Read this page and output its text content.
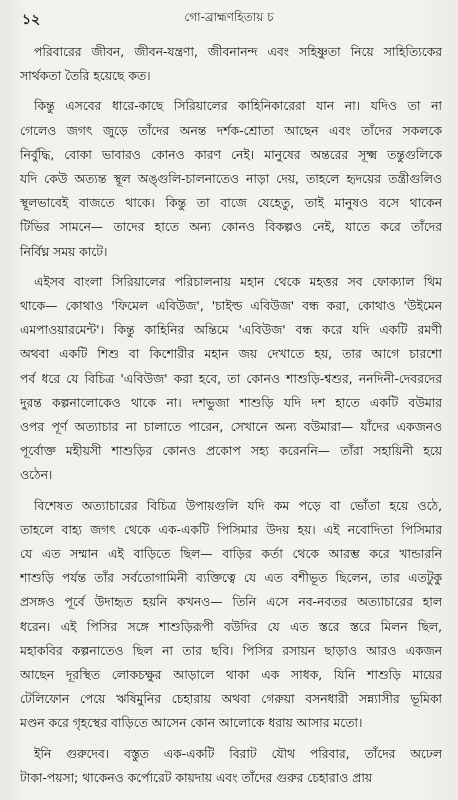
১২	গো-ব্রাহ্মণহিতায় চ
পরিবারের জীবন, জীবন-যন্ত্রণা, জীবনানন্দ এবং সহিষ্ণুতা নিয়ে সাহিত্যিকের
সার্থকতা তৈরি হয়েছে কত।
কিন্তু এসবের ধারে-কাছে সিরিয়ালের কাহিনিকারেরা যান না। যদিও তা না
গেলেও জগৎ জুড়ে তাঁদের অনন্ত দর্শক-শ্রোতা আছেন এবং তাঁদের সকলকে
নির্বুদ্ধি, বোকা ভাবারও কোনও কারণ নেই। মানুষের অন্তরের সূক্ষ্ম তন্তুগুলিকে
যদি কেউ অত্যন্ত স্থূল অঙ্গুলি-চালনাতেও নাড়া দেয়, তাহলে হৃদয়ের তন্ত্রীগুলিও
স্থূলভাবেই বাজতে থাকে। কিন্তু তা বাজে যেহেতু, তাই মানুষও বসে থাকেন
টিভির সামনে— তাদের হাতে অন্য কোনও বিকল্পও নেই, যাতে করে তাঁদের
নির্বিঘ্ন সময় কাটে।
এইসব বাংলা সিরিয়ালের পরিচালনায় মহান থেকে মহত্তর সব ফোক্যাল থিম
থাকে— কোথাও 'ফিমেল এবিউজ', 'চাইল্ড এবিউজ' বন্ধ করা, কোথাও 'উইমেন
এমপাওয়ারমেন্ট'। কিন্তু কাহিনির অন্তিমে 'এবিউজ' বন্ধ করে যদি একটি রমণী
অথবা একটি শিশু বা কিশোরীর মহান জয় দেখাতে হয়, তার আগে চারশো
পর্ব ধরে যে বিচিত্র 'এবিউজ' করা হবে, তা কোনও শাশুড়ি-শ্বশুর, ননদিনী-দেবরদের
দুরন্ত কল্পনালোকেও থাকে না। দশভুজা শাশুড়ি যদি দশ হাতে একটি বউমার
ওপর পূর্ণ অত্যাচার না চালাতে পারেন, সেখানে অন্য বউমারা— যাঁদের একজনও
পূর্বোক্ত মহীয়সী শাশুড়ির কোনও প্রকোপ সহ্য করেননি— তাঁরা সহায়িনী হয়ে
ওঠেন।
বিশেষত অত্যাচারের বিচিত্র উপায়গুলি যদি কম পড়ে বা ভোঁতা হয়ে ওঠে,
তাহলে বাহ্য জগৎ থেকে এক-একটি পিসিমার উদয় হয়। এই নবোদিতা পিসিমার
যে এত সম্মান এই বাড়িতে ছিল— বাড়ির কর্তা থেকে আরম্ভ করে খান্ডারনি
শাশুড়ি পর্যন্ত তাঁর সর্বতোগামিনী ব্যক্তিত্বে যে এত বশীভূত ছিলেন, তার এতটুকু
প্রসঙ্গও পূর্বে উদাহৃত হয়নি কখনও— তিনি এসে নব-নবতর অত্যাচারের হাল
ধরেন। এই পিসির সঙ্গে শাশুড়িরূপী বউদির যে এত স্তরে স্তরে মিলন ছিল,
মহাকবির কল্পনাতেও ছিল না তার ছবি। পিসির রসায়ন ছাড়াও আরও একজন
আছেন দূরস্থিত লোকচক্ষুর আড়ালে থাকা এক সাধক, যিনি শাশুড়ি মায়ের
টেলিফোন পেয়ে ঋষিমুনির চেহারায় অথবা গেরুয়া বসনধারী সন্ন্যাসীর ভূমিকা
মণ্ডন করে গৃহস্থের বাড়িতে আসেন কোন আলোকে ধরায় আসার মতো।
ইনি গুরুদেব। বস্তুত এক-একটি বিরাট যৌথ পরিবার, তাঁদের অঢেল
টাকা-পয়সা; থাকেনও কর্পোরেট কায়দায় এবং তাঁদের গুরুর চেহারাও প্রায়
